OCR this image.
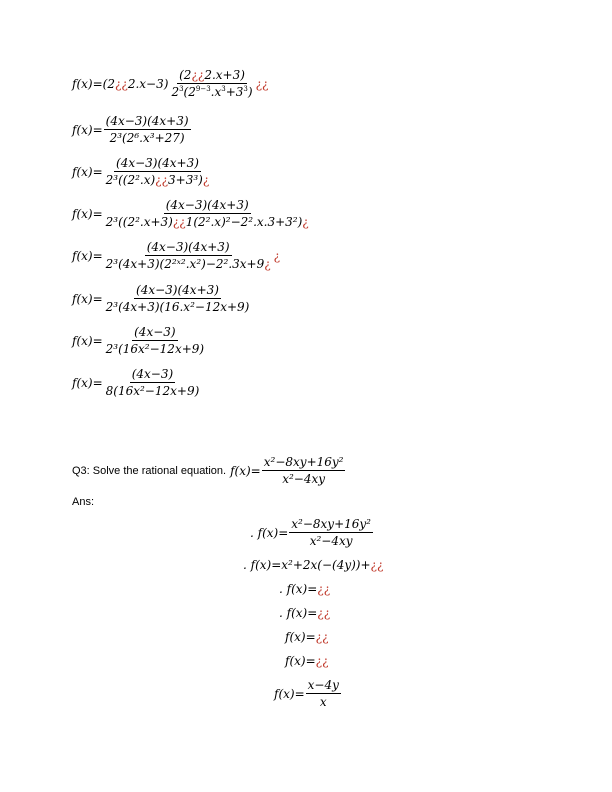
f(x)= (2 ¿¿ $2.x-3) \frac{(2¿¿2.x+3)}{2^3(2^{9-3}.x^3+3^3)}$ ¿¿
$f(x)= \frac{(4x-3)(4x+3)}{\text{2³(2⁶.x³+27)}}$
$f(x)= \frac{(4x-3)(4x+3)}{\text{2³((2².x)¿¿3+3³)¿}}$
$f(x)= \frac{(4x-3)(4x+3)}{\text{2³((2².x+3)¿¿1(2².x)²−2².x.3+3²)¿}}$
$f(x)= \frac{(4x-3)(4x+3)}{\text{2³(4x+3)(2²ˣ².x²)−2².3x+9¿}}$ ¿
$f(x)= \frac{(4x-3)(4x+3)}{\text{2³(4x+3)(16.x²−12x+9)}}$
$f(x)= \frac{(4x-3)}{\text{2³(16x²−12x+9)}}$
$f(x)= \frac{(4x-3)}{\text{8(16x²−12x+9)}}$
Q3: Solve the rational equation. $f(x)= \frac{\text{x²−8xy+16y²}}{\text{x²−4xy}}$
Ans:
. $f(x)= \frac{\text{x²−8xy+16y²}}{\text{x²−4xy}}$
. f(x)=x²+2x(−(4y))+¿¿
. f(x)=¿¿
. f(x)=¿¿
f(x)=¿¿
f(x)=¿¿
$f(x)= \frac{x-4y}{x}$
